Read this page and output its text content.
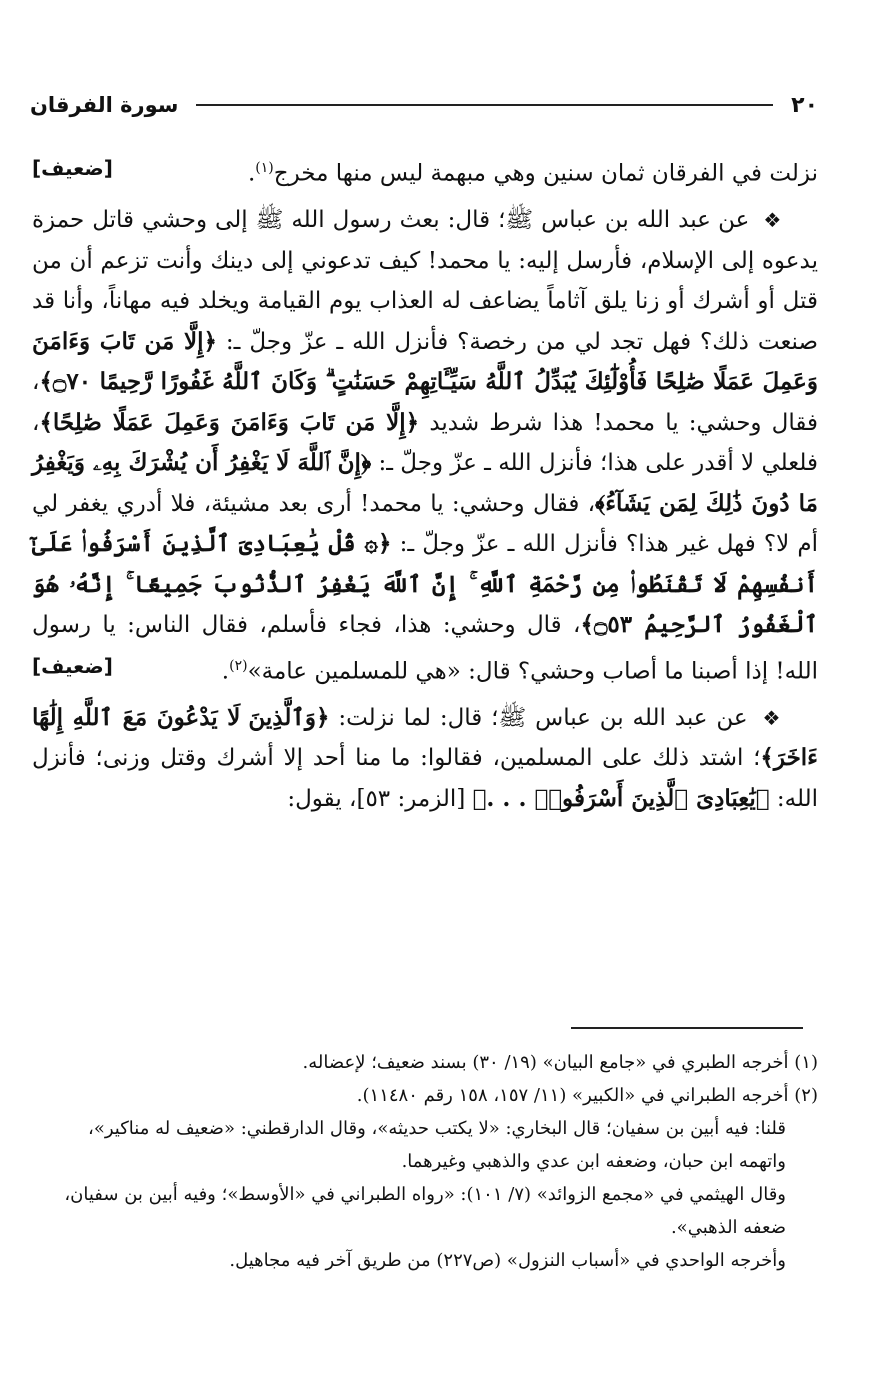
٢٠
سورة الفرقان

نزلت في الفرقان ثمان سنين وهي مبهمة ليس منها مخرج$^{(١)}$.
[ضعيف]

❖ عن عبد الله بن عباس ﷺ؛ قال: بعث رسول الله ﷺ إلى وحشي قاتل حمزة يدعوه إلى الإسلام، فأرسل إليه: يا محمد! كيف تدعوني إلى دينك وأنت تزعم أن من قتل أو أشرك أو زنا يلق آثاماً يضاعف له العذاب يوم القيامة ويخلد فيه مهاناً، وأنا قد صنعت ذلك؟ فهل تجد لي من رخصة؟ فأنزل الله ـ عزّ وجلّ ـ: ﴿إِلَّا مَن تَابَ وَءَامَنَ وَعَمِلَ عَمَلًا صَٰلِحًا فَأُوْلَٰٓئِكَ يُبَدِّلُ ٱللَّهُ سَيِّـَٔاتِهِمْ حَسَنَٰتٍ ۗ وَكَانَ ٱللَّهُ غَفُورًا رَّحِيمًا ۝٧٠﴾، فقال وحشي: يا محمد! هذا شرط شديد ﴿إِلَّا مَن تَابَ وَءَامَنَ وَعَمِلَ عَمَلًا صَٰلِحًا﴾، فلعلي لا أقدر على هذا؛ فأنزل الله ـ عزّ وجلّ ـ: ﴿إِنَّ ٱللَّهَ لَا يَغْفِرُ أَن يُشْرَكَ بِهِۦ وَيَغْفِرُ مَا دُونَ ذَٰلِكَ لِمَن يَشَآءُ﴾، فقال وحشي: يا محمد! أرى بعد مشيئة، فلا أدري يغفر لي أم لا؟ فهل غير هذا؟ فأنزل الله ـ عزّ وجلّ ـ: ﴿۞ قُلْ يَٰعِبَادِىَ ٱلَّذِينَ أَسْرَفُوا۟ عَلَىٰٓ أَنفُسِهِمْ لَا تَقْنَطُوا۟ مِن رَّحْمَةِ ٱللَّهِ ۚ إِنَّ ٱللَّهَ يَغْفِرُ ٱلذُّنُوبَ جَمِيعًا ۚ إِنَّهُۥ هُوَ ٱلْغَفُورُ ٱلرَّحِيمُ ۝٥٣﴾، قال وحشي: هذا، فجاء فأسلم، فقال الناس: يا رسول الله! إذا أصبنا ما أصاب وحشي؟ قال: «هي للمسلمين عامة»$^{(٢)}$.
[ضعيف]

❖ عن عبد الله بن عباس ﷺ؛ قال: لما نزلت: ﴿وَٱلَّذِينَ لَا يَدْعُونَ مَعَ ٱللَّهِ إِلَٰهًا ءَاخَرَ﴾؛ اشتد ذلك على المسلمين، فقالوا: ما منا أحد إلا أشرك وقتل وزنى؛ فأنزل الله: ﴿يَٰعِبَادِىَ ٱلَّذِينَ أَسْرَفُوا۟ . . .﴾ [الزمر: ٥٣]، يقول:

(١) أخرجه الطبري في «جامع البيان» (١٩/ ٣٠) بسند ضعيف؛ لإعضاله.

(٢) أخرجه الطبراني في «الكبير» (١١/ ١٥٧، ١٥٨ رقم ١١٤٨٠).

قلنا: فيه أبين بن سفيان؛ قال البخاري: «لا يكتب حديثه»، وقال الدارقطني: «ضعيف له مناكير»، واتهمه ابن حبان، وضعفه ابن عدي والذهبي وغيرهما.

وقال الهيثمي في «مجمع الزوائد» (٧/ ١٠١): «رواه الطبراني في «الأوسط»؛ وفيه أبين بن سفيان، ضعفه الذهبي».

وأخرجه الواحدي في «أسباب النزول» (ص٢٢٧) من طريق آخر فيه مجاهيل.
